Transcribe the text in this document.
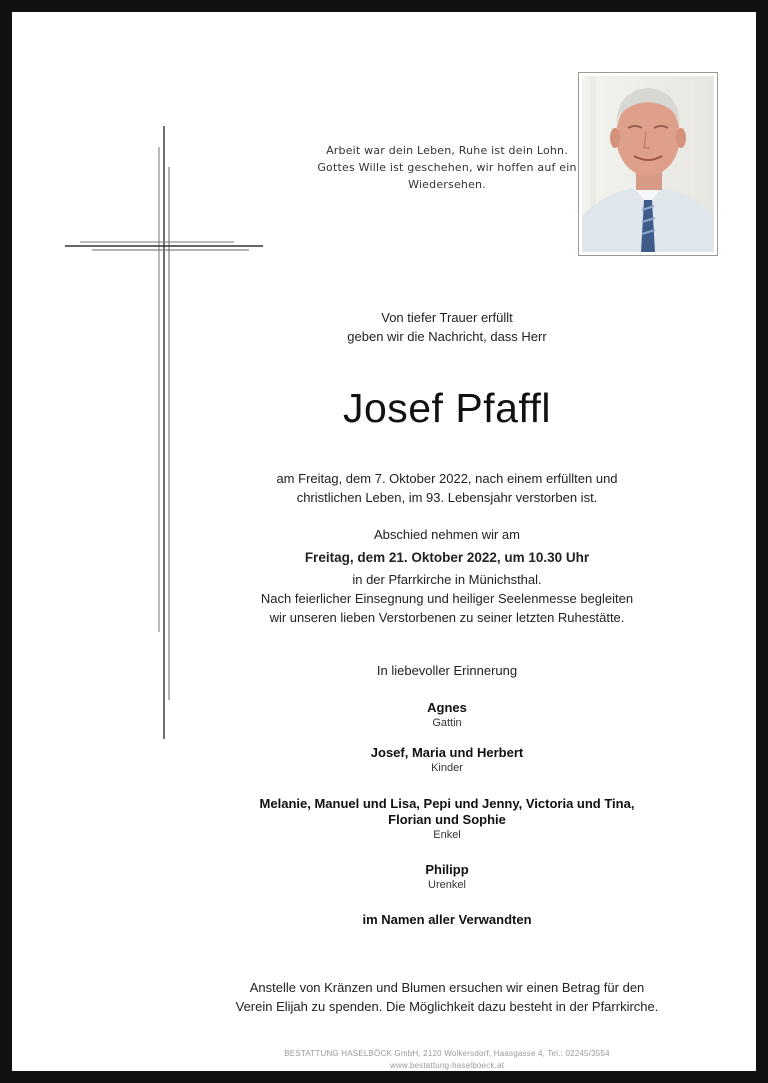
Arbeit war dein Leben, Ruhe ist dein Lohn.
Gottes Wille ist geschehen, wir hoffen auf ein
Wiedersehen.
Von tiefer Trauer erfüllt
geben wir die Nachricht, dass Herr
Josef Pfaffl
am Freitag, dem 7. Oktober 2022, nach einem erfüllten und
christlichen Leben, im 93. Lebensjahr verstorben ist.
Abschied nehmen wir am
Freitag, dem 21. Oktober 2022, um 10.30 Uhr
in der Pfarrkirche in Münichsthal.
Nach feierlicher Einsegnung und heiliger Seelenmesse begleiten
wir unseren lieben Verstorbenen zu seiner letzten Ruhestätte.
In liebevoller Erinnerung
Agnes
Gattin
Josef, Maria und Herbert
Kinder
Melanie, Manuel und Lisa, Pepi und Jenny, Victoria und Tina,
Florian und Sophie
Enkel
Philipp
Urenkel
im Namen aller Verwandten
Anstelle von Kränzen und Blumen ersuchen wir einen Betrag für den
Verein Elijah zu spenden. Die Möglichkeit dazu besteht in der Pfarrkirche.
BESTATTUNG HASELBÖCK GmbH, 2120 Wolkersdorf, Haasgasse 4, Tel.: 02245/3554
www.bestattung-haselboeck.at
